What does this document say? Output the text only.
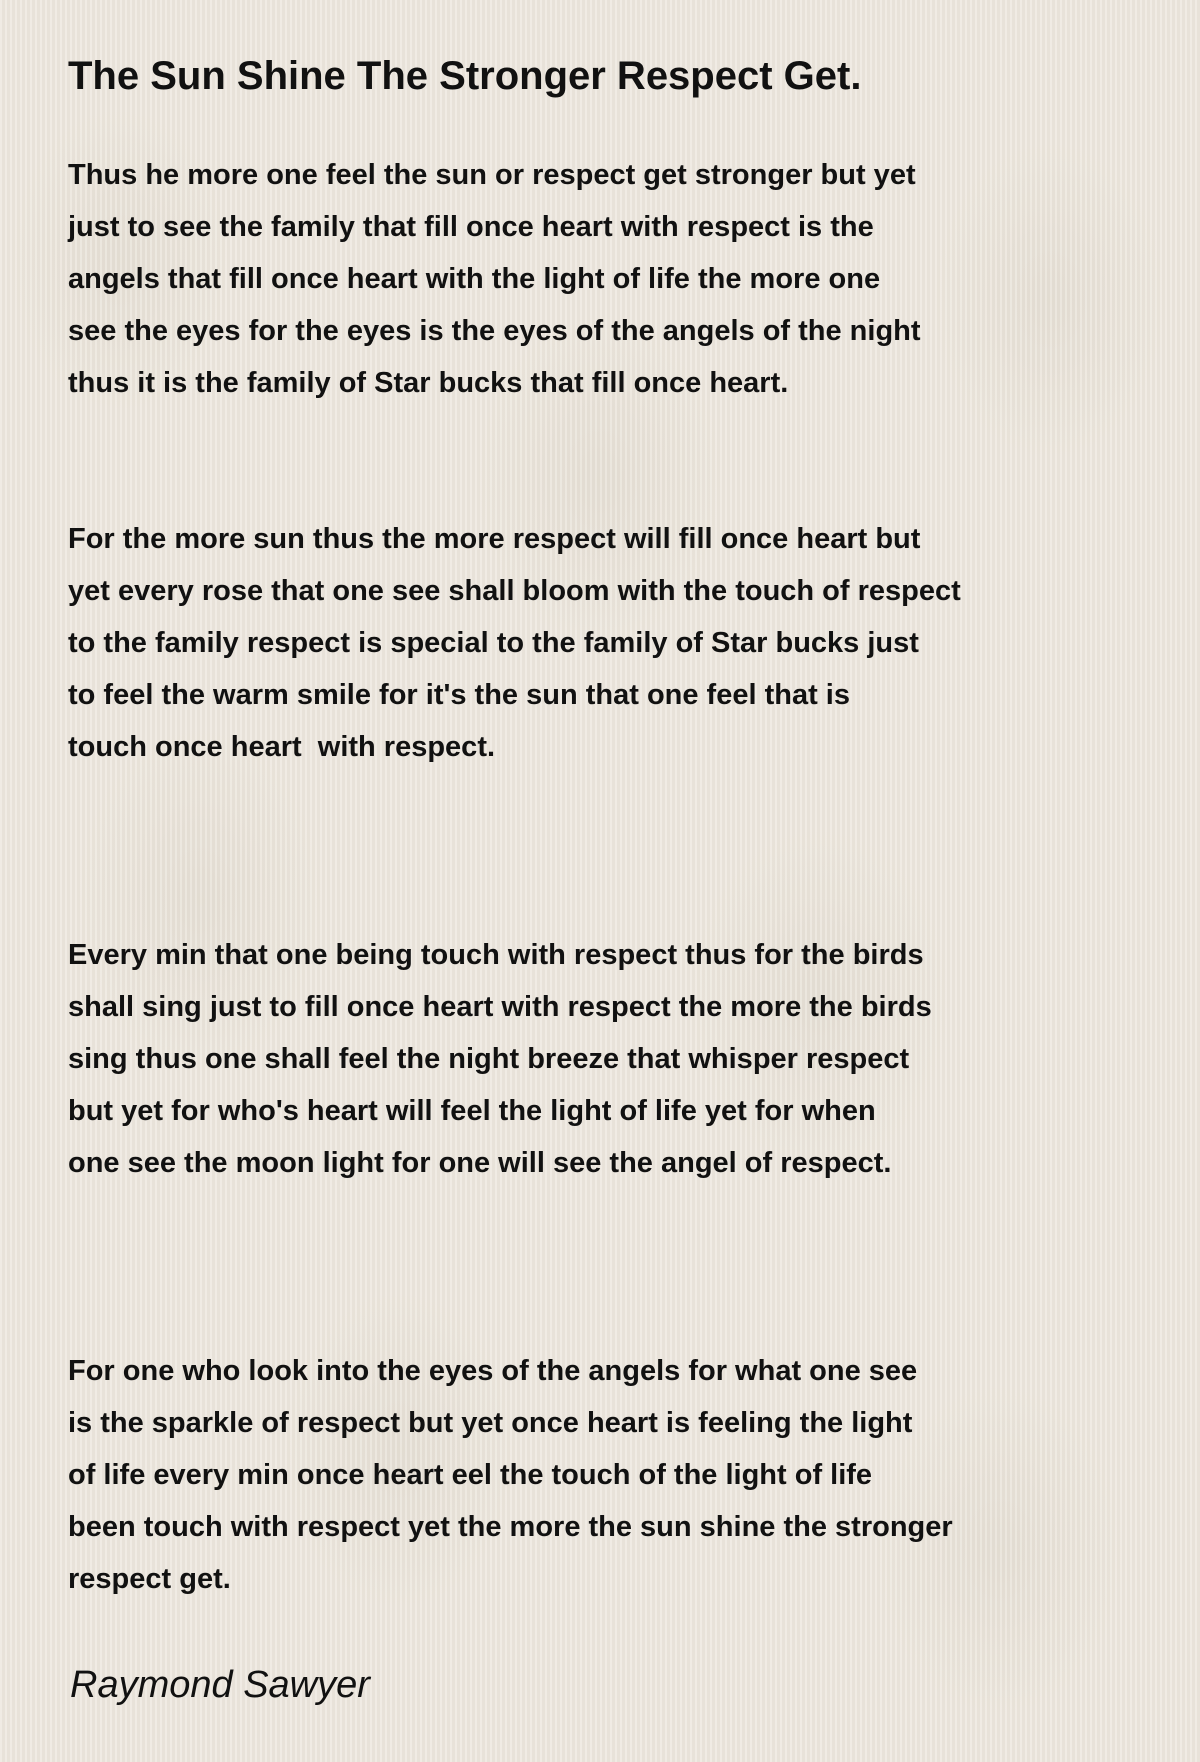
The Sun Shine The Stronger Respect Get.
Thus he more one feel the sun or respect get stronger but yet
just to see the family that fill once heart with respect is the
angels that fill once heart with the light of life the more one
see the eyes for the eyes is the eyes of the angels of the night
thus it is the family of Star bucks that fill once heart.
For the more sun thus the more respect will fill once heart but
yet every rose that one see shall bloom with the touch of respect
to the family respect is special to the family of Star bucks just
to feel the warm smile for it's the sun that one feel that is
touch once heart  with respect.
Every min that one being touch with respect thus for the birds
shall sing just to fill once heart with respect the more the birds
sing thus one shall feel the night breeze that whisper respect
but yet for who's heart will feel the light of life yet for when
one see the moon light for one will see the angel of respect.
For one who look into the eyes of the angels for what one see
is the sparkle of respect but yet once heart is feeling the light
of life every min once heart eel the touch of the light of life
been touch with respect yet the more the sun shine the stronger
respect get.

Raymond Sawyer
